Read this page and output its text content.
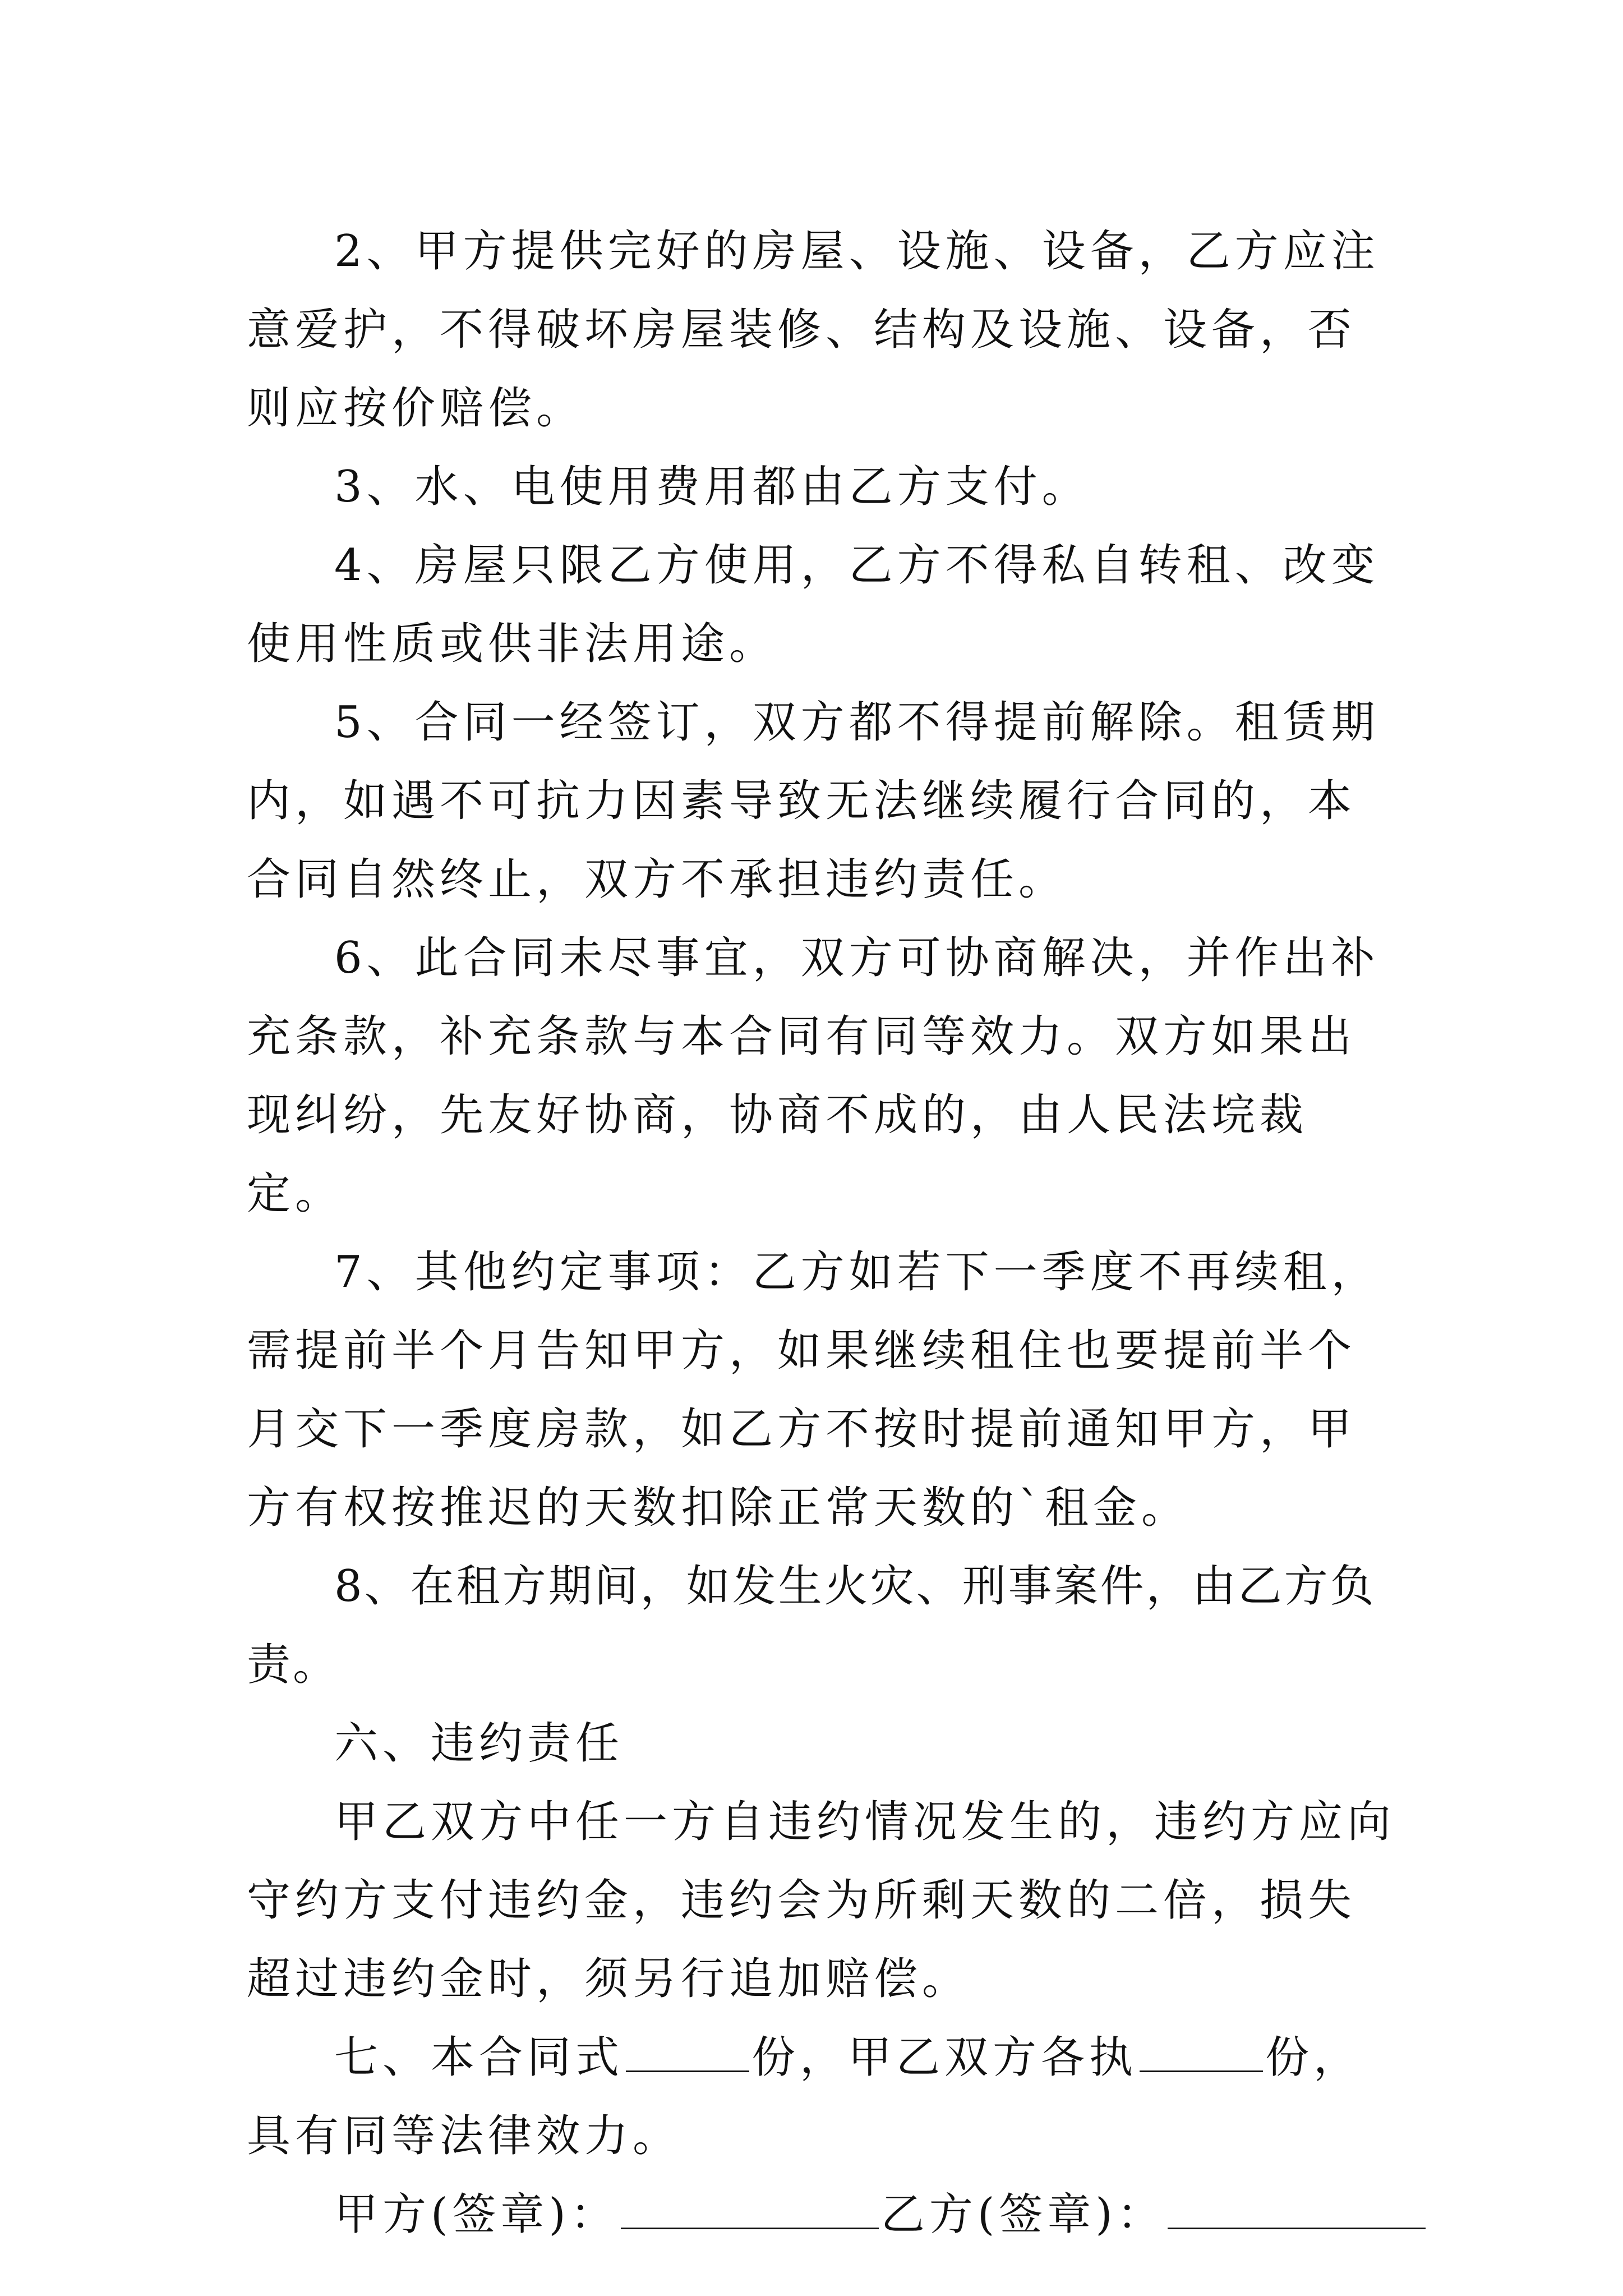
2、甲方提供完好的房屋、设施、设备，乙方应注意爱护，不得破坏房屋装修、结构及设施、设备，否则应按价赔偿。

3、水、电使用费用都由乙方支付。

4、房屋只限乙方使用，乙方不得私自转租、改变使用性质或供非法用途。

5、合同一经签订，双方都不得提前解除。租赁期内，如遇不可抗力因素导致无法继续履行合同的，本合同自然终止，双方不承担违约责任。

6、此合同未尽事宜，双方可协商解决，并作出补充条款，补充条款与本合同有同等效力。双方如果出现纠纷，先友好协商，协商不成的，由人民法垸裁定。

7、其他约定事项：乙方如若下一季度不再续租，需提前半个月告知甲方，如果继续租住也要提前半个月交下一季度房款，如乙方不按时提前通知甲方，甲方有权按推迟的天数扣除正常天数的`租金。

8、在租方期间，如发生火灾、刑事案件，由乙方负责。

六、违约责任

甲乙双方中任一方自违约情况发生的，违约方应向守约方支付违约金，违约会为所剩天数的二倍，损失超过违约金时，须另行追加赔偿。

七、本合同式	份，甲乙双方各执	份，具有同等法律效力。

甲方(签章)：	乙方(签章)：
